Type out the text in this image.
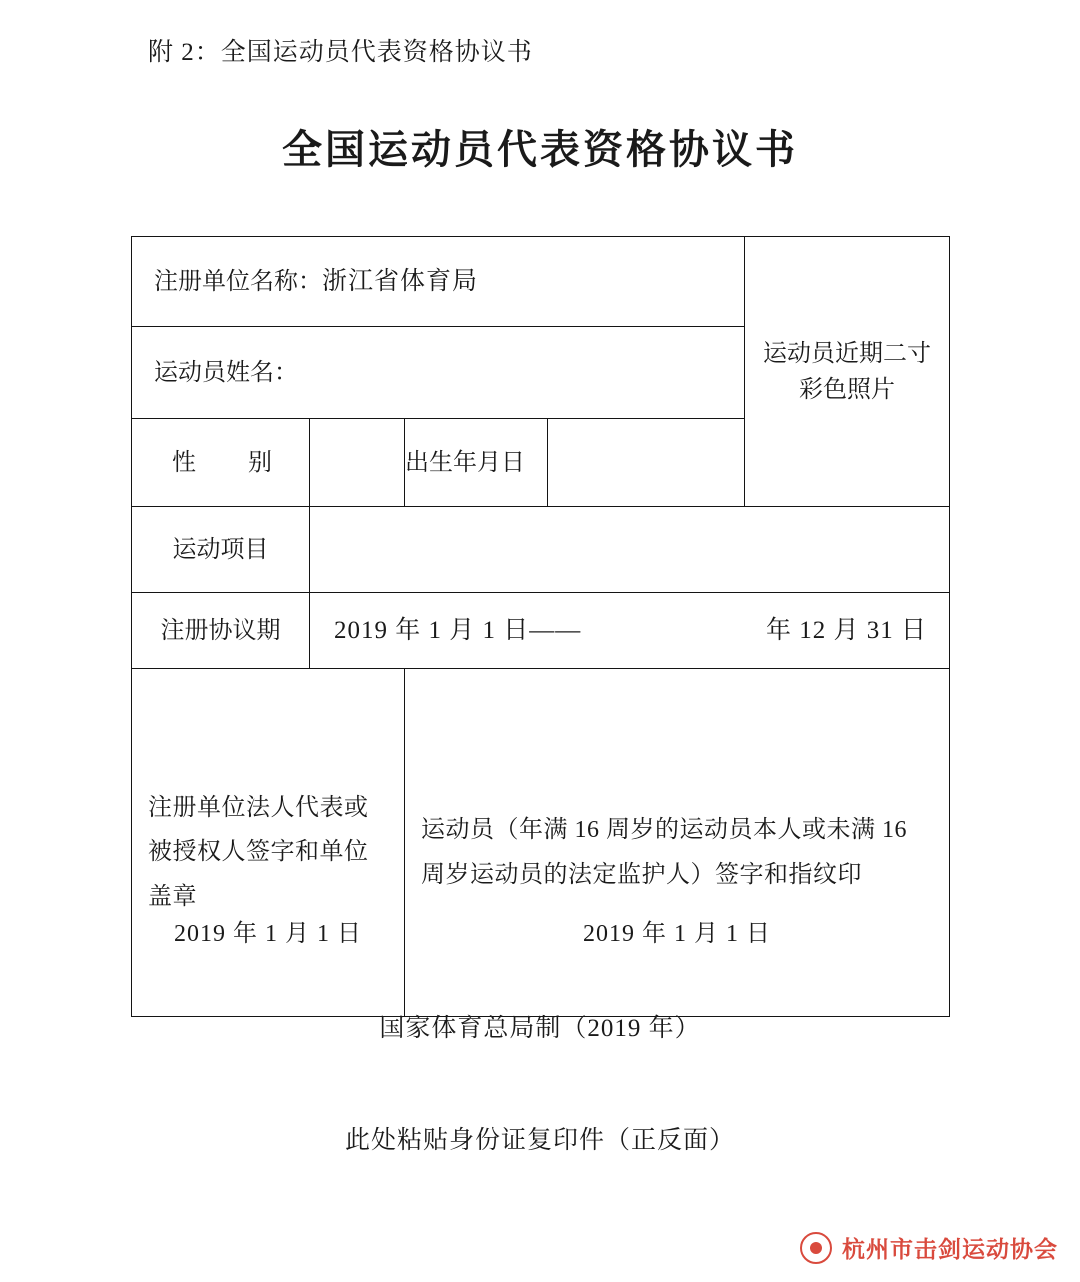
附 2：全国运动员代表资格协议书
全国运动员代表资格协议书
注册单位名称：浙江省体育局				运动员近期二寸
彩色照片

运动员姓名：				
性　别		出生年月日		
运动项目				
注册协议期	2019 年 1 月 1 日—— 年 12 月 31 日			

注册单位法人代表或被授权人签字和单位盖章
2019 年 1 月 1 日

运动员（年满 16 周岁的运动员本人或未满 16 周岁运动员的法定监护人）签字和指纹印
2019 年 1 月 1 日
国家体育总局制（2019 年）
此处粘贴身份证复印件（正反面）
杭州市击剑运动协会
